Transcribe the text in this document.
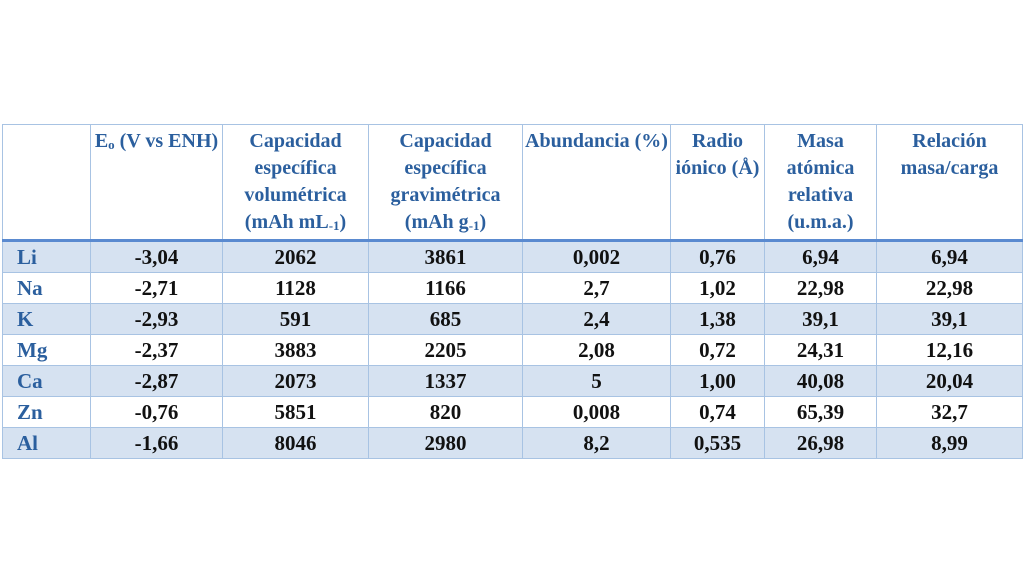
	$E_o$ (V vs ENH)	Capacidad específica volumétrica (mAh $mL_{-1}$)	Capacidad específica gravimétrica (mAh $g_{-1}$)	Abundancia (%)	Radio iónico (Å)	Masa atómica relativa (u.m.a.)	Relación masa/carga
Li	-3,04	2062	3861	0,002	0,76	6,94	6,94
Na	-2,71	1128	1166	2,7	1,02	22,98	22,98
K	-2,93	591	685	2,4	1,38	39,1	39,1
Mg	-2,37	3883	2205	2,08	0,72	24,31	12,16
Ca	-2,87	2073	1337	5	1,00	40,08	20,04
Zn	-0,76	5851	820	0,008	0,74	65,39	32,7
Al	-1,66	8046	2980	8,2	0,535	26,98	8,99
